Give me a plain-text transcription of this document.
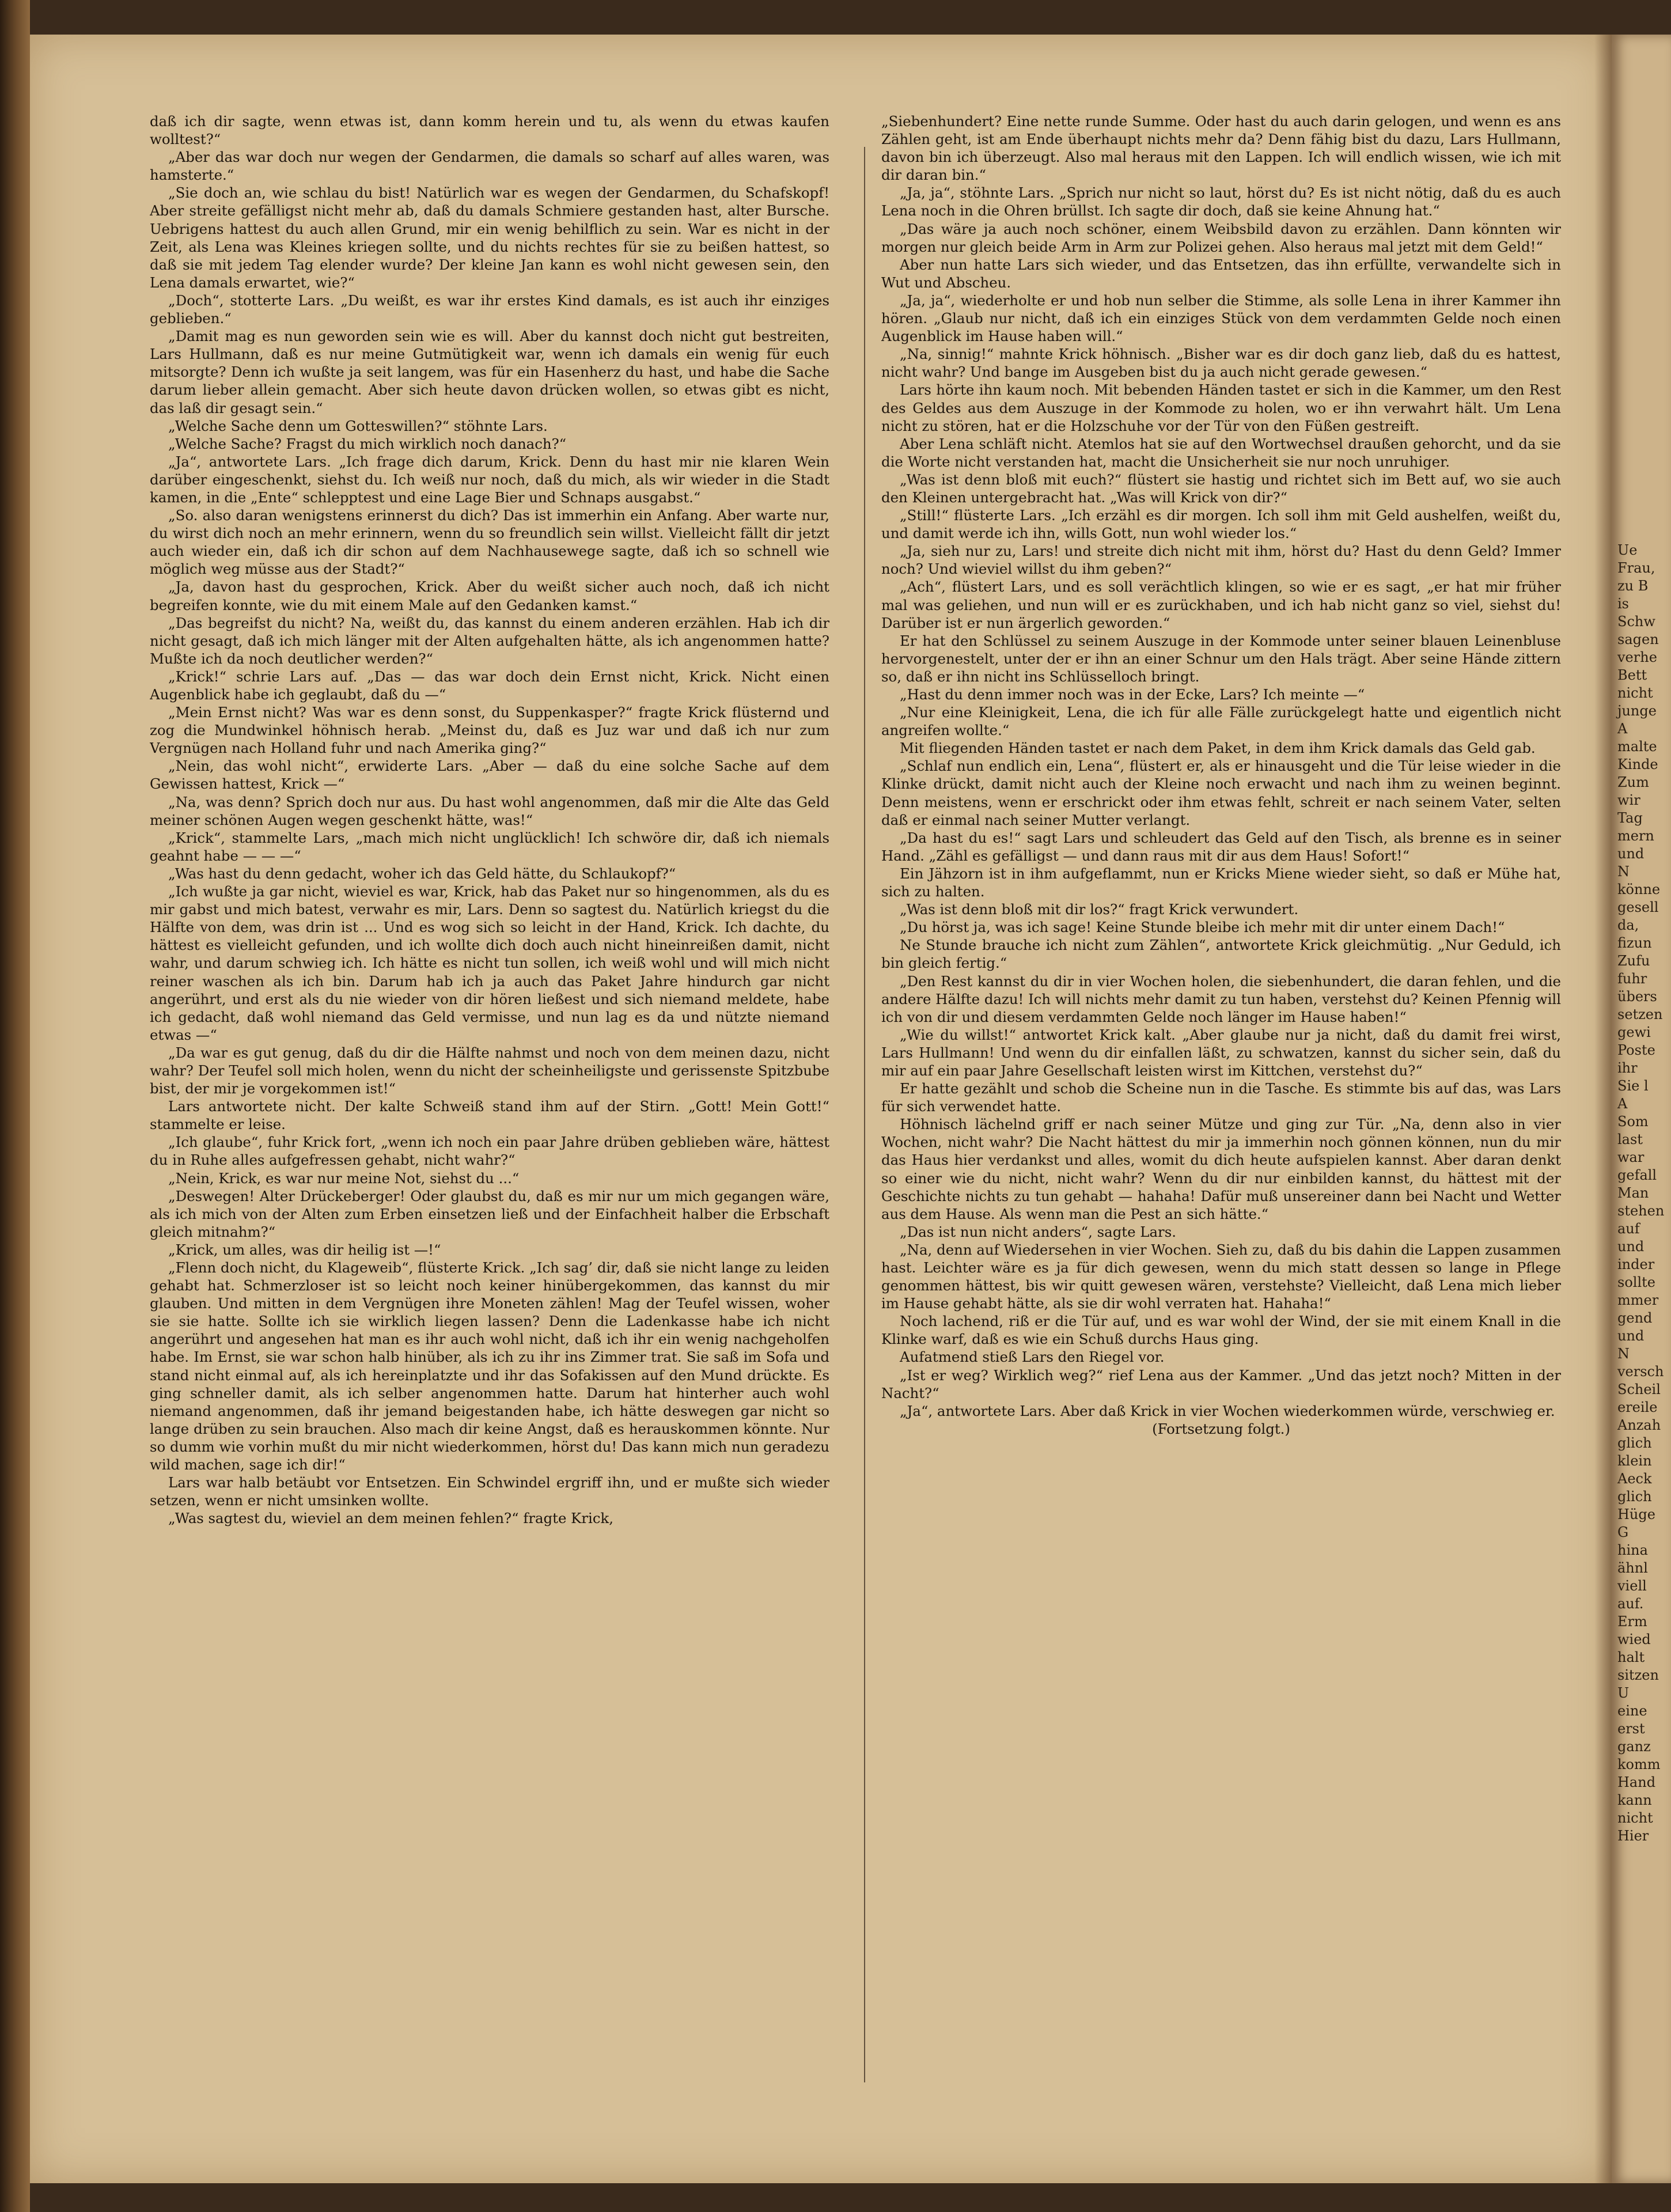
daß ich dir sagte, wenn etwas ist, dann komm herein und tu, als wenn du etwas kaufen wolltest?“

„Aber das war doch nur wegen der Gendarmen, die damals so scharf auf alles waren, was hamsterte.“

„Sie doch an, wie schlau du bist! Natürlich war es wegen der Gendarmen, du Schafskopf! Aber streite gefälligst nicht mehr ab, daß du damals Schmiere gestanden hast, alter Bursche. Uebrigens hattest du auch allen Grund, mir ein wenig behilflich zu sein. War es nicht in der Zeit, als Lena was Kleines kriegen sollte, und du nichts rechtes für sie zu beißen hattest, so daß sie mit jedem Tag elender wurde? Der kleine Jan kann es wohl nicht gewesen sein, den Lena damals erwartet, wie?“

„Doch“, stotterte Lars. „Du weißt, es war ihr erstes Kind damals, es ist auch ihr einziges geblieben.“

„Damit mag es nun geworden sein wie es will. Aber du kannst doch nicht gut bestreiten, Lars Hullmann, daß es nur meine Gutmütigkeit war, wenn ich damals ein wenig für euch mitsorgte? Denn ich wußte ja seit langem, was für ein Hasenherz du hast, und habe die Sache darum lieber allein gemacht. Aber sich heute davon drücken wollen, so etwas gibt es nicht, das laß dir gesagt sein.“

„Welche Sache denn um Gotteswillen?“ stöhnte Lars.

„Welche Sache? Fragst du mich wirklich noch danach?“

„Ja“, antwortete Lars. „Ich frage dich darum, Krick. Denn du hast mir nie klaren Wein darüber eingeschenkt, siehst du. Ich weiß nur noch, daß du mich, als wir wieder in die Stadt kamen, in die „Ente“ schlepptest und eine Lage Bier und Schnaps ausgabst.“

„So. also daran wenigstens erinnerst du dich? Das ist immerhin ein Anfang. Aber warte nur, du wirst dich noch an mehr erinnern, wenn du so freundlich sein willst. Vielleicht fällt dir jetzt auch wieder ein, daß ich dir schon auf dem Nachhausewege sagte, daß ich so schnell wie möglich weg müsse aus der Stadt?“

„Ja, davon hast du gesprochen, Krick. Aber du weißt sicher auch noch, daß ich nicht begreifen konnte, wie du mit einem Male auf den Gedanken kamst.“

„Das begreifst du nicht? Na, weißt du, das kannst du einem anderen erzählen. Hab ich dir nicht gesagt, daß ich mich länger mit der Alten aufgehalten hätte, als ich angenommen hatte? Mußte ich da noch deutlicher werden?“

„Krick!“ schrie Lars auf. „Das — das war doch dein Ernst nicht, Krick. Nicht einen Augenblick habe ich geglaubt, daß du —“

„Mein Ernst nicht? Was war es denn sonst, du Suppenkasper?“ fragte Krick flüsternd und zog die Mundwinkel höhnisch herab. „Meinst du, daß es Juz war und daß ich nur zum Vergnügen nach Holland fuhr und nach Amerika ging?“

„Nein, das wohl nicht“, erwiderte Lars. „Aber — daß du eine solche Sache auf dem Gewissen hattest, Krick —“

„Na, was denn? Sprich doch nur aus. Du hast wohl angenommen, daß mir die Alte das Geld meiner schönen Augen wegen geschenkt hätte, was!“

„Krick“, stammelte Lars, „mach mich nicht unglücklich! Ich schwöre dir, daß ich niemals geahnt habe — — —“

„Was hast du denn gedacht, woher ich das Geld hätte, du Schlaukopf?“

„Ich wußte ja gar nicht, wieviel es war, Krick, hab das Paket nur so hingenommen, als du es mir gabst und mich batest, verwahr es mir, Lars. Denn so sagtest du. Natürlich kriegst du die Hälfte von dem, was drin ist ... Und es wog sich so leicht in der Hand, Krick. Ich dachte, du hättest es vielleicht gefunden, und ich wollte dich doch auch nicht hineinreißen damit, nicht wahr, und darum schwieg ich. Ich hätte es nicht tun sollen, ich weiß wohl und will mich nicht reiner waschen als ich bin. Darum hab ich ja auch das Paket Jahre hindurch gar nicht angerührt, und erst als du nie wieder von dir hören ließest und sich niemand meldete, habe ich gedacht, daß wohl niemand das Geld vermisse, und nun lag es da und nützte niemand etwas —“

„Da war es gut genug, daß du dir die Hälfte nahmst und noch von dem meinen dazu, nicht wahr? Der Teufel soll mich holen, wenn du nicht der scheinheiligste und gerissenste Spitzbube bist, der mir je vorgekommen ist!“

Lars antwortete nicht. Der kalte Schweiß stand ihm auf der Stirn. „Gott! Mein Gott!“ stammelte er leise.

„Ich glaube“, fuhr Krick fort, „wenn ich noch ein paar Jahre drüben geblieben wäre, hättest du in Ruhe alles aufgefressen gehabt, nicht wahr?“

„Nein, Krick, es war nur meine Not, siehst du ...“

„Deswegen! Alter Drückeberger! Oder glaubst du, daß es mir nur um mich gegangen wäre, als ich mich von der Alten zum Erben einsetzen ließ und der Einfachheit halber die Erbschaft gleich mitnahm?“

„Krick, um alles, was dir heilig ist —!“

„Flenn doch nicht, du Klageweib“, flüsterte Krick. „Ich sag’ dir, daß sie nicht lange zu leiden gehabt hat. Schmerzloser ist so leicht noch keiner hinübergekommen, das kannst du mir glauben. Und mitten in dem Vergnügen ihre Moneten zählen! Mag der Teufel wissen, woher sie sie hatte. Sollte ich sie wirklich liegen lassen? Denn die Ladenkasse habe ich nicht angerührt und angesehen hat man es ihr auch wohl nicht, daß ich ihr ein wenig nachgeholfen habe. Im Ernst, sie war schon halb hinüber, als ich zu ihr ins Zimmer trat. Sie saß im Sofa und stand nicht einmal auf, als ich hereinplatzte und ihr das Sofakissen auf den Mund drückte. Es ging schneller damit, als ich selber angenommen hatte. Darum hat hinterher auch wohl niemand angenommen, daß ihr jemand beigestanden habe, ich hätte deswegen gar nicht so lange drüben zu sein brauchen. Also mach dir keine Angst, daß es herauskommen könnte. Nur so dumm wie vorhin mußt du mir nicht wiederkommen, hörst du! Das kann mich nun geradezu wild machen, sage ich dir!“

Lars war halb betäubt vor Entsetzen. Ein Schwindel ergriff ihn, und er mußte sich wieder setzen, wenn er nicht umsinken wollte.

„Was sagtest du, wieviel an dem meinen fehlen?“ fragte Krick,

„Siebenhundert? Eine nette runde Summe. Oder hast du auch darin gelogen, und wenn es ans Zählen geht, ist am Ende überhaupt nichts mehr da? Denn fähig bist du dazu, Lars Hullmann, davon bin ich überzeugt. Also mal heraus mit den Lappen. Ich will endlich wissen, wie ich mit dir daran bin.“

„Ja, ja“, stöhnte Lars. „Sprich nur nicht so laut, hörst du? Es ist nicht nötig, daß du es auch Lena noch in die Ohren brüllst. Ich sagte dir doch, daß sie keine Ahnung hat.“

„Das wäre ja auch noch schöner, einem Weibsbild davon zu erzählen. Dann könnten wir morgen nur gleich beide Arm in Arm zur Polizei gehen. Also heraus mal jetzt mit dem Geld!“

Aber nun hatte Lars sich wieder, und das Entsetzen, das ihn erfüllte, verwandelte sich in Wut und Abscheu.

„Ja, ja“, wiederholte er und hob nun selber die Stimme, als solle Lena in ihrer Kammer ihn hören. „Glaub nur nicht, daß ich ein einziges Stück von dem verdammten Gelde noch einen Augenblick im Hause haben will.“

„Na, sinnig!“ mahnte Krick höhnisch. „Bisher war es dir doch ganz lieb, daß du es hattest, nicht wahr? Und bange im Ausgeben bist du ja auch nicht gerade gewesen.“

Lars hörte ihn kaum noch. Mit bebenden Händen tastet er sich in die Kammer, um den Rest des Geldes aus dem Auszuge in der Kommode zu holen, wo er ihn verwahrt hält. Um Lena nicht zu stören, hat er die Holzschuhe vor der Tür von den Füßen gestreift.

Aber Lena schläft nicht. Atemlos hat sie auf den Wortwechsel draußen gehorcht, und da sie die Worte nicht verstanden hat, macht die Unsicherheit sie nur noch unruhiger.

„Was ist denn bloß mit euch?“ flüstert sie hastig und richtet sich im Bett auf, wo sie auch den Kleinen untergebracht hat. „Was will Krick von dir?“

„Still!“ flüsterte Lars. „Ich erzähl es dir morgen. Ich soll ihm mit Geld aushelfen, weißt du, und damit werde ich ihn, wills Gott, nun wohl wieder los.“

„Ja, sieh nur zu, Lars! und streite dich nicht mit ihm, hörst du? Hast du denn Geld? Immer noch? Und wieviel willst du ihm geben?“

„Ach“, flüstert Lars, und es soll verächtlich klingen, so wie er es sagt, „er hat mir früher mal was geliehen, und nun will er es zurückhaben, und ich hab nicht ganz so viel, siehst du! Darüber ist er nun ärgerlich geworden.“

Er hat den Schlüssel zu seinem Auszuge in der Kommode unter seiner blauen Leinenbluse hervorgenestelt, unter der er ihn an einer Schnur um den Hals trägt. Aber seine Hände zittern so, daß er ihn nicht ins Schlüsselloch bringt.

„Hast du denn immer noch was in der Ecke, Lars? Ich meinte —“

„Nur eine Kleinigkeit, Lena, die ich für alle Fälle zurückgelegt hatte und eigentlich nicht angreifen wollte.“

Mit fliegenden Händen tastet er nach dem Paket, in dem ihm Krick damals das Geld gab.

„Schlaf nun endlich ein, Lena“, flüstert er, als er hinausgeht und die Tür leise wieder in die Klinke drückt, damit nicht auch der Kleine noch erwacht und nach ihm zu weinen beginnt. Denn meistens, wenn er erschrickt oder ihm etwas fehlt, schreit er nach seinem Vater, selten daß er einmal nach seiner Mutter verlangt.

„Da hast du es!“ sagt Lars und schleudert das Geld auf den Tisch, als brenne es in seiner Hand. „Zähl es gefälligst — und dann raus mit dir aus dem Haus! Sofort!“

Ein Jähzorn ist in ihm aufgeflammt, nun er Kricks Miene wieder sieht, so daß er Mühe hat, sich zu halten.

„Was ist denn bloß mit dir los?“ fragt Krick verwundert.

„Du hörst ja, was ich sage! Keine Stunde bleibe ich mehr mit dir unter einem Dach!“

Ne Stunde brauche ich nicht zum Zählen“, antwortete Krick gleichmütig. „Nur Geduld, ich bin gleich fertig.“

„Den Rest kannst du dir in vier Wochen holen, die siebenhundert, die daran fehlen, und die andere Hälfte dazu! Ich will nichts mehr damit zu tun haben, verstehst du? Keinen Pfennig will ich von dir und diesem verdammten Gelde noch länger im Hause haben!“

„Wie du willst!“ antwortet Krick kalt. „Aber glaube nur ja nicht, daß du damit frei wirst, Lars Hullmann! Und wenn du dir einfallen läßt, zu schwatzen, kannst du sicher sein, daß du mir auf ein paar Jahre Gesellschaft leisten wirst im Kittchen, verstehst du?“

Er hatte gezählt und schob die Scheine nun in die Tasche. Es stimmte bis auf das, was Lars für sich verwendet hatte.

Höhnisch lächelnd griff er nach seiner Mütze und ging zur Tür. „Na, denn also in vier Wochen, nicht wahr? Die Nacht hättest du mir ja immerhin noch gönnen können, nun du mir das Haus hier verdankst und alles, womit du dich heute aufspielen kannst. Aber daran denkt so einer wie du nicht, nicht wahr? Wenn du dir nur einbilden kannst, du hättest mit der Geschichte nichts zu tun gehabt — hahaha! Dafür muß unsereiner dann bei Nacht und Wetter aus dem Hause. Als wenn man die Pest an sich hätte.“

„Das ist nun nicht anders“, sagte Lars.

„Na, denn auf Wiedersehen in vier Wochen. Sieh zu, daß du bis dahin die Lappen zusammen hast. Leichter wäre es ja für dich gewesen, wenn du mich statt dessen so lange in Pflege genommen hättest, bis wir quitt gewesen wären, verstehste? Vielleicht, daß Lena mich lieber im Hause gehabt hätte, als sie dir wohl verraten hat. Hahaha!“

Noch lachend, riß er die Tür auf, und es war wohl der Wind, der sie mit einem Knall in die Klinke warf, daß es wie ein Schuß durchs Haus ging.

Aufatmend stieß Lars den Riegel vor.

„Ist er weg? Wirklich weg?“ rief Lena aus der Kammer. „Und das jetzt noch? Mitten in der Nacht?“

„Ja“, antwortete Lars. Aber daß Krick in vier Wochen wiederkommen würde, verschwieg er.

(Fortsetzung folgt.)

Ue
Frau,
zu B
is
Schw
sagen
verhe
Bett
nicht
junge
A
malte
Kinde
Zum
wir
Tag
mern
und
N
könne
gesell
da,
fizun
Zufu
fuhr
übers
setzen
gewi
Poste
ihr
Sie l
A
Som
last
war
gefall
Man
stehen
auf
und
inder
sollte
mmer
gend
und
N
versch
Scheil
ereile
Anzah
glich
klein
Aeck
glich
Hüge
G
hina
ähnl
viell
auf.
Erm
wied
halt
sitzen
U
eine
erst
ganz
komm
Hand
kann
nicht
Hier
